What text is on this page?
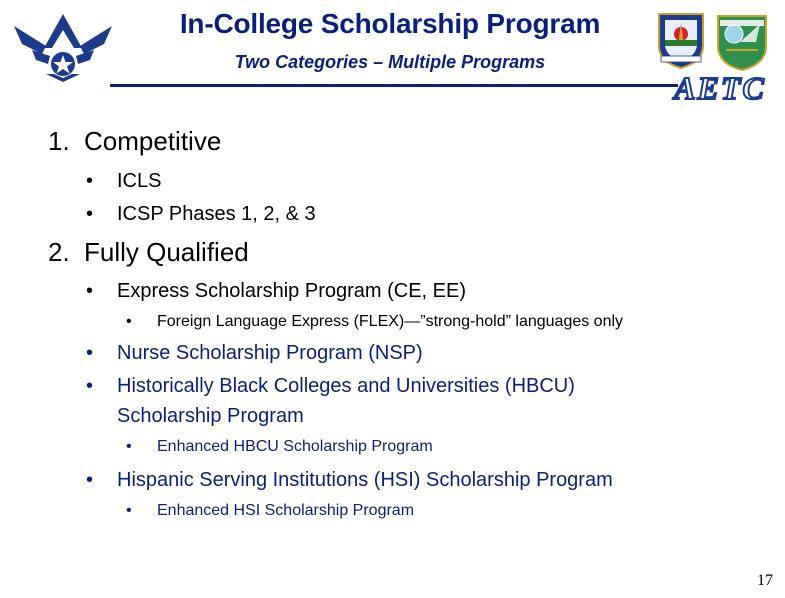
In-College Scholarship Program
Two Categories – Multiple Programs
AETC
1. Competitive
• ICLS
• ICSP Phases 1, 2, & 3
2. Fully Qualified
• Express Scholarship Program (CE, EE)
• Foreign Language Express (FLEX)—”strong-hold” languages only
• Nurse Scholarship Program (NSP)
• Historically Black Colleges and Universities (HBCU)
Scholarship Program
• Enhanced HBCU Scholarship Program
• Hispanic Serving Institutions (HSI) Scholarship Program
• Enhanced HSI Scholarship Program
17
